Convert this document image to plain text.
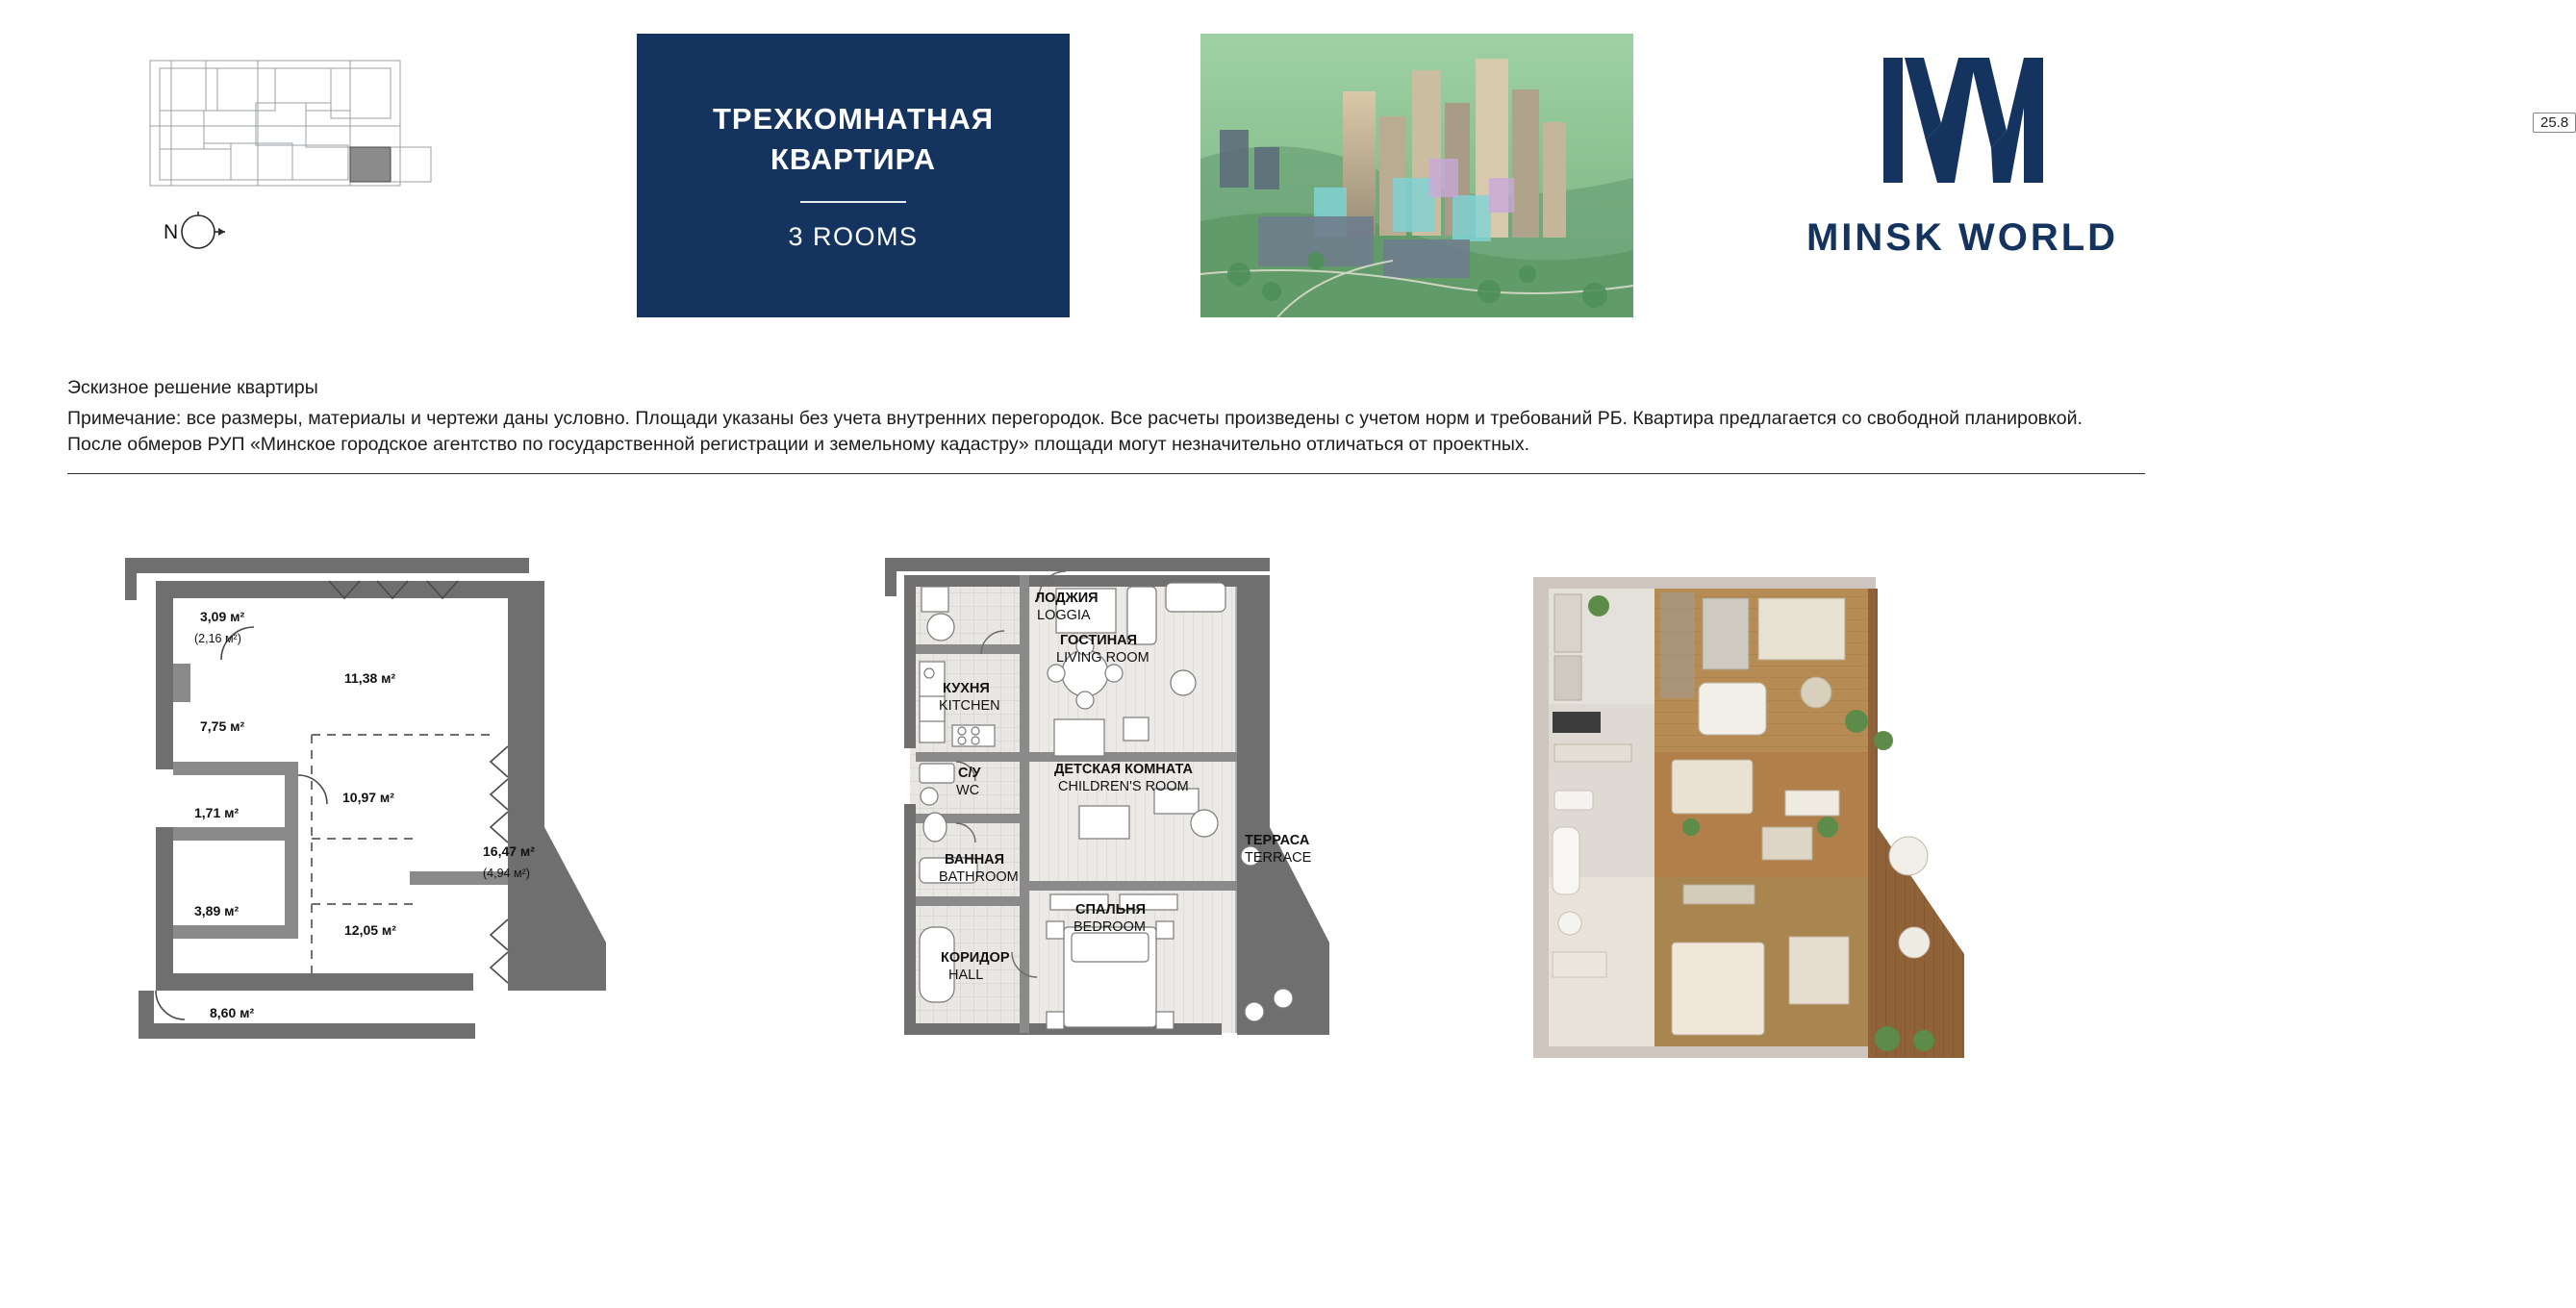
N
ТРЕХКОМНАТНАЯ
КВАРТИРА
3 ROOMS
25.8
MINSK WORLD
Эскизное решение квартиры
Примечание: все размеры, материалы и чертежи даны условно. Площади указаны без учета внутренних перегородок. Все расчеты произведены с учетом норм и требований РБ. Квартира предлагается со свободной планировкой.
После обмеров РУП «Минское городское агентство по государственной регистрации и земельному кадастру» площади могут незначительно отличаться от проектных.
3,09 м²
(2,16 м²)
11,38 м²
7,75 м²
1,71 м²
10,97 м²
3,89 м²
16,47 м²
(4,94 м²)
12,05 м²
8,60 м²
ЛОДЖИЯ
LOGGIA
ГОСТИНАЯ
LIVING ROOM
КУХНЯ
KITCHEN
С/У
WC
ДЕТСКАЯ КОМНАТА
CHILDREN'S ROOM
ВАННАЯ
BATHROOM
ТЕРРАСА
TERRACE
СПАЛЬНЯ
BEDROOM
КОРИДОР
HALL
REALT
